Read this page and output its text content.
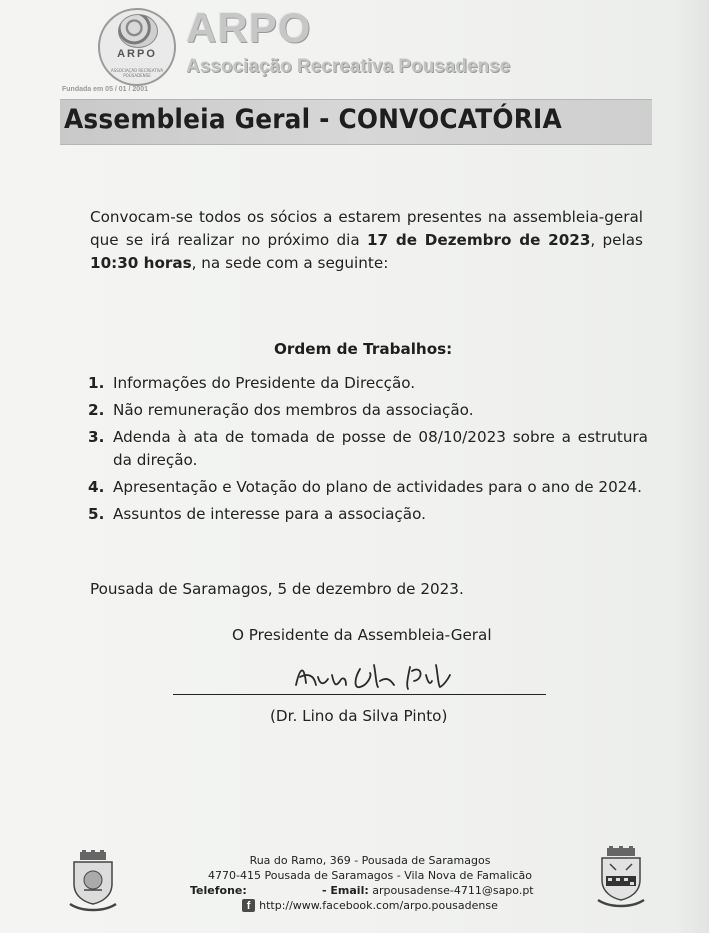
ARPO
ASSOCIAÇÃO RECREATIVA POUSADENSE
ARPO
Associação Recreativa Pousadense
Fundada em 05 / 01 / 2001
Assembleia Geral - CONVOCATÓRIA

Convocam-se todos os sócios a estarem presentes na assembleia-geral que se irá realizar no próximo dia 17 de Dezembro de 2023, pelas 10:30 horas, na sede com a seguinte:

Ordem de Trabalhos:
1. Informações do Presidente da Direcção.
2. Não remuneração dos membros da associação.
3. Adenda à ata de tomada de posse de 08/10/2023 sobre a estrutura da direção.
4. Apresentação e Votação do plano de actividades para o ano de 2024.
5. Assuntos de interesse para a associação.
Pousada de Saramagos, 5 de dezembro de 2023.
O Presidente da Assembleia-Geral
(Dr. Lino da Silva Pinto)
Rua do Ramo, 369 - Pousada de Saramagos
4770-415 Pousada de Saramagos - Vila Nova de Famalicão
Telefone:	- Email: arpousadense-4711@sapo.pt
f http://www.facebook.com/arpo.pousadense
